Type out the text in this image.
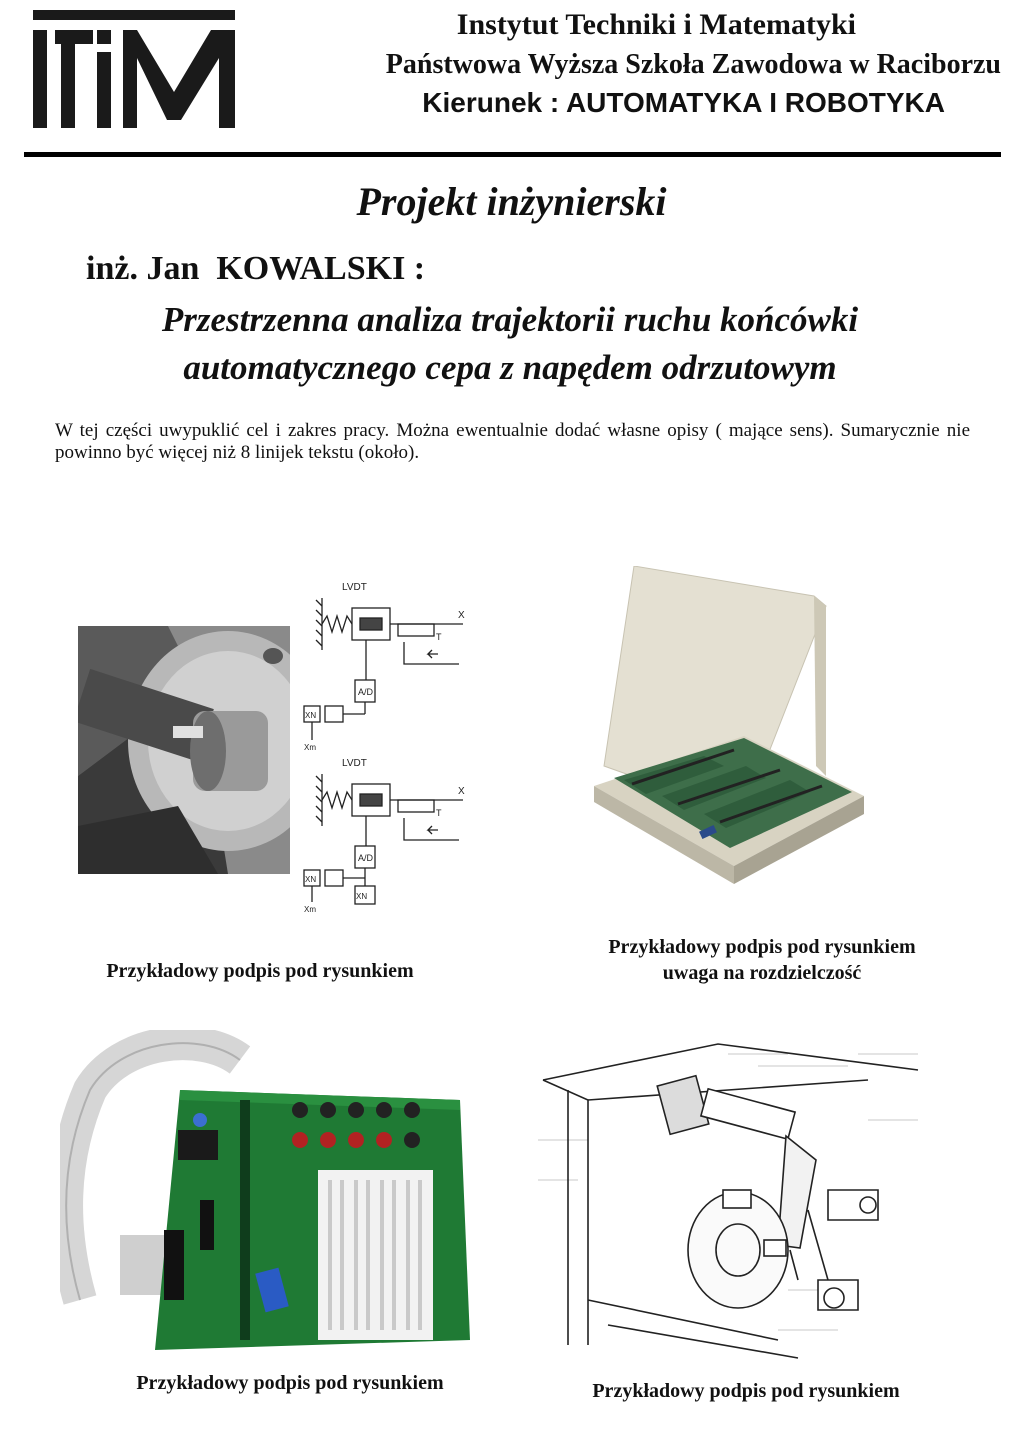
Instytut Techniki i Matematyki
Państwowa Wyższa Szkoła Zawodowa w Raciborzu
Kierunek : AUTOMATYKA I ROBOTYKA
Projekt inżynierski
inż. Jan  KOWALSKI :
Przestrzenna analiza trajektorii ruchu końcówki
automatycznego cepa z napędem odrzutowym
W tej części uwypuklić cel i zakres pracy. Można ewentualnie dodać własne opisy ( mające sens). Sumarycznie nie powinno być więcej niż 8 linijek tekstu (około).
LVDT
X
T
A/D
XN
Xm
LVDT
X
T
A/D
XN
XN
Xm
Przykładowy podpis pod rysunkiem
Przykładowy podpis pod rysunkiem
uwaga na rozdzielczość
Przykładowy podpis pod rysunkiem	Przykładowy podpis pod rysunkiem
